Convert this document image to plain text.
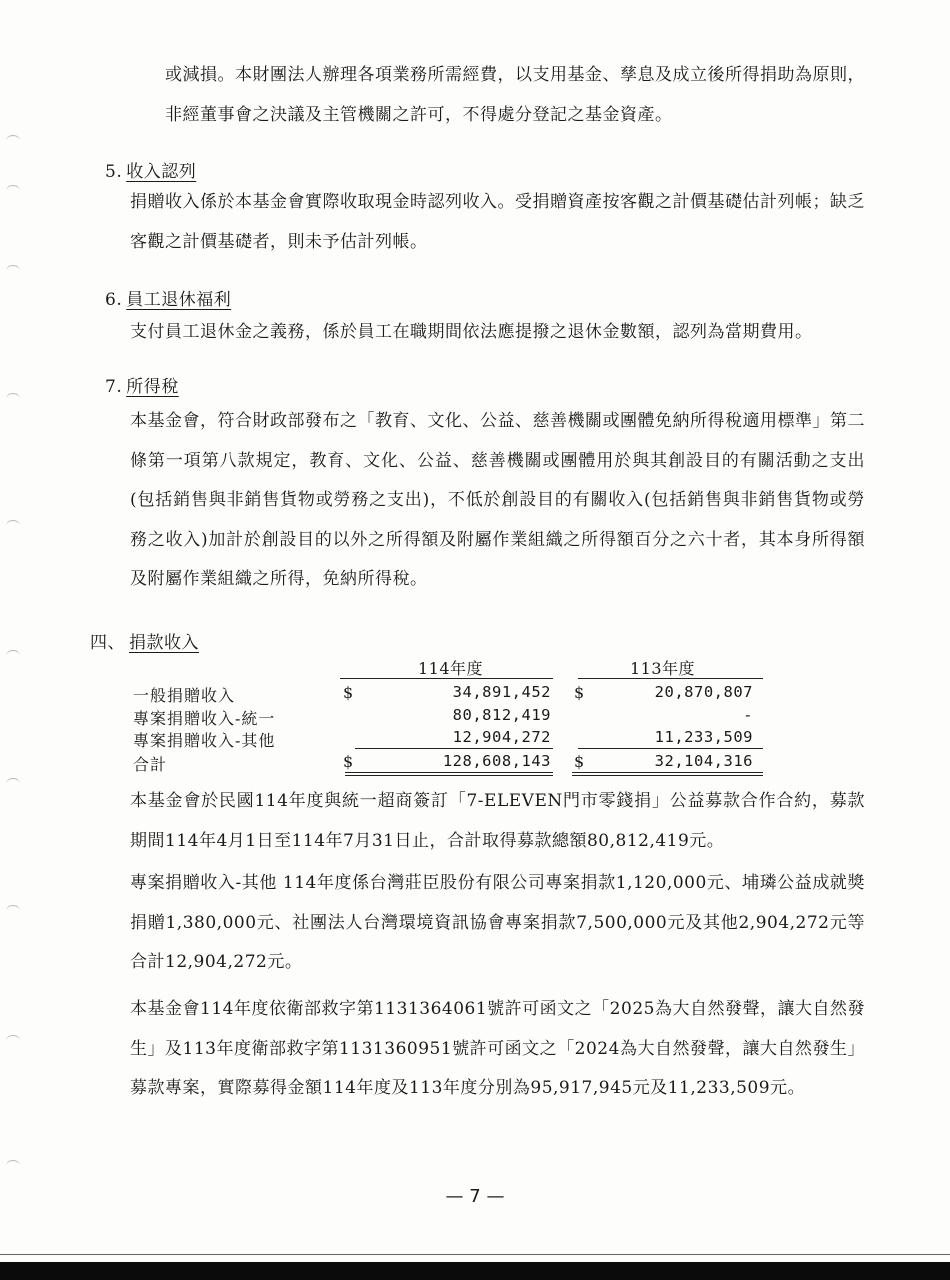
或減損。本財團法人辦理各項業務所需經費，以支用基金、孳息及成立後所得捐助為原則，非經董事會之決議及主管機關之許可，不得處分登記之基金資產。
5. 收入認列
捐贈收入係於本基金會實際收取現金時認列收入。受捐贈資產按客觀之計價基礎估計列帳；缺乏客觀之計價基礎者，則未予估計列帳。
6. 員工退休福利
支付員工退休金之義務，係於員工在職期間依法應提撥之退休金數額，認列為當期費用。
7. 所得稅
本基金會，符合財政部發布之「教育、文化、公益、慈善機關或團體免納所得稅適用標準」第二條第一項第八款規定，教育、文化、公益、慈善機關或團體用於與其創設目的有關活動之支出(包括銷售與非銷售貨物或勞務之支出)，不低於創設目的有關收入(包括銷售與非銷售貨物或勞務之收入)加計於創設目的以外之所得額及附屬作業組織之所得額百分之六十者，其本身所得額及附屬作業組織之所得，免納所得稅。
四、 捐款收入
114年度	113年度
一般捐贈收入	$	34,891,452 $	20,870,807
專案捐贈收入-統一	80,812,419	-
專案捐贈收入-其他	12,904,272	11,233,509
合計	$	128,608,143 $	32,104,316
本基金會於民國114年度與統一超商簽訂「7-ELEVEN門市零錢捐」公益募款合作合約，募款期間114年4月1日至114年7月31日止，合計取得募款總額80,812,419元。
專案捐贈收入-其他 114年度係台灣莊臣股份有限公司專案捐款1,120,000元、埔璘公益成就獎捐贈1,380,000元、社團法人台灣環境資訊協會專案捐款7,500,000元及其他2,904,272元等合計12,904,272元。
本基金會114年度依衛部救字第1131364061號許可函文之「2025為大自然發聲，讓大自然發生」及113年度衛部救字第1131360951號許可函文之「2024為大自然發聲，讓大自然發生」募款專案，實際募得金額114年度及113年度分別為95,917,945元及11,233,509元。
— 7 —
